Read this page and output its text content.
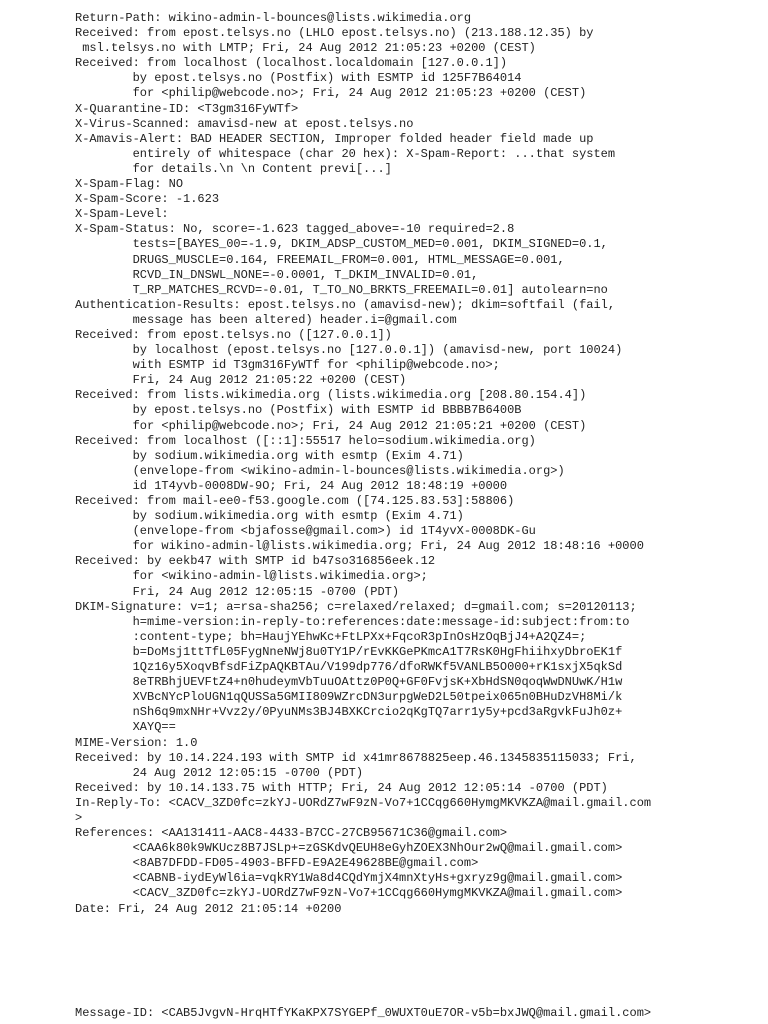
Return-Path: wikino-admin-l-bounces@lists.wikimedia.org
Received: from epost.telsys.no (LHLO epost.telsys.no) (213.188.12.35) by
msl.telsys.no with LMTP; Fri, 24 Aug 2012 21:05:23 +0200 (CEST)
Received: from localhost (localhost.localdomain [127.0.0.1])
by epost.telsys.no (Postfix) with ESMTP id 125F7B64014
for <philip@webcode.no>; Fri, 24 Aug 2012 21:05:23 +0200 (CEST)
X-Quarantine-ID: <T3gm316FyWTf>
X-Virus-Scanned: amavisd-new at epost.telsys.no
X-Amavis-Alert: BAD HEADER SECTION, Improper folded header field made up
entirely of whitespace (char 20 hex): X-Spam-Report: ...that system
for details.\n \n Content previ[...]
X-Spam-Flag: NO
X-Spam-Score: -1.623
X-Spam-Level:
X-Spam-Status: No, score=-1.623 tagged_above=-10 required=2.8
tests=[BAYES_00=-1.9, DKIM_ADSP_CUSTOM_MED=0.001, DKIM_SIGNED=0.1,
DRUGS_MUSCLE=0.164, FREEMAIL_FROM=0.001, HTML_MESSAGE=0.001,
RCVD_IN_DNSWL_NONE=-0.0001, T_DKIM_INVALID=0.01,
T_RP_MATCHES_RCVD=-0.01, T_TO_NO_BRKTS_FREEMAIL=0.01] autolearn=no
Authentication-Results: epost.telsys.no (amavisd-new); dkim=softfail (fail,
message has been altered) header.i=@gmail.com
Received: from epost.telsys.no ([127.0.0.1])
by localhost (epost.telsys.no [127.0.0.1]) (amavisd-new, port 10024)
with ESMTP id T3gm316FyWTf for <philip@webcode.no>;
Fri, 24 Aug 2012 21:05:22 +0200 (CEST)
Received: from lists.wikimedia.org (lists.wikimedia.org [208.80.154.4])
by epost.telsys.no (Postfix) with ESMTP id BBBB7B6400B
for <philip@webcode.no>; Fri, 24 Aug 2012 21:05:21 +0200 (CEST)
Received: from localhost ([::1]:55517 helo=sodium.wikimedia.org)
by sodium.wikimedia.org with esmtp (Exim 4.71)
(envelope-from <wikino-admin-l-bounces@lists.wikimedia.org>)
id 1T4yvb-0008DW-9O; Fri, 24 Aug 2012 18:48:19 +0000
Received: from mail-ee0-f53.google.com ([74.125.83.53]:58806)
by sodium.wikimedia.org with esmtp (Exim 4.71)
(envelope-from <bjafosse@gmail.com>) id 1T4yvX-0008DK-Gu
for wikino-admin-l@lists.wikimedia.org; Fri, 24 Aug 2012 18:48:16 +0000
Received: by eekb47 with SMTP id b47so316856eek.12
for <wikino-admin-l@lists.wikimedia.org>;
Fri, 24 Aug 2012 12:05:15 -0700 (PDT)
DKIM-Signature: v=1; a=rsa-sha256; c=relaxed/relaxed; d=gmail.com; s=20120113;
h=mime-version:in-reply-to:references:date:message-id:subject:from:to
:content-type; bh=HaujYEhwKc+FtLPXx+FqcoR3pInOsHzOqBjJ4+A2QZ4=;
b=DoMsj1ttTfL05FygNneNWj8u0TY1P/rEvKKGePKmcA1T7RsK0HgFhiihxyDbroEK1f
1Qz16y5XoqvBfsdFiZpAQKBTAu/V199dp776/dfoRWKf5VANLB5O000+rK1sxjX5qkSd
8eTRBhjUEVFtZ4+n0hudeymVbTuuOAttz0P0Q+GF0FvjsK+XbHdSN0qoqWwDNUwK/H1w
XVBcNYcPloUGN1qQUSSa5GMII809WZrcDN3urpgWeD2L50tpeix065n0BHuDzVH8Mi/k
nSh6q9mxNHr+Vvz2y/0PyuNMs3BJ4BXKCrcio2qKgTQ7arr1y5y+pcd3aRgvkFuJh0z+
XAYQ==
MIME-Version: 1.0
Received: by 10.14.224.193 with SMTP id x41mr8678825eep.46.1345835115033; Fri,
24 Aug 2012 12:05:15 -0700 (PDT)
Received: by 10.14.133.75 with HTTP; Fri, 24 Aug 2012 12:05:14 -0700 (PDT)
In-Reply-To: <CACV_3ZD0fc=zkYJ-UORdZ7wF9zN-Vo7+1CCqg660HymgMKVKZA@mail.gmail.com
>
References: <AA131411-AAC8-4433-B7CC-27CB95671C36@gmail.com>
<CAA6k80k9WKUcz8B7JSLp+=zGSKdvQEUH8eGyhZOEX3NhOur2wQ@mail.gmail.com>
<8AB7DFDD-FD05-4903-BFFD-E9A2E49628BE@gmail.com>
<CABNB-iydEyWl6ia=vqkRY1Wa8d4CQdYmjX4mnXtyHs+gxryz9g@mail.gmail.com>
<CACV_3ZD0fc=zkYJ-UORdZ7wF9zN-Vo7+1CCqg660HymgMKVKZA@mail.gmail.com>
Date: Fri, 24 Aug 2012 21:05:14 +0200
Message-ID: <CAB5JvgvN-HrqHTfYKaKPX7SYGEPf_0WUXT0uE7OR-v5b=bxJWQ@mail.gmail.com>
